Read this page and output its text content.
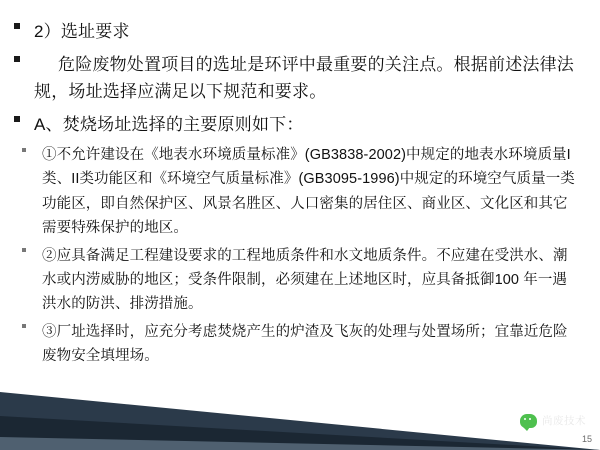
2）选址要求
危险废物处置项目的选址是环评中最重要的关注点。根据前述法律法规，场址选择应满足以下规范和要求。
A、焚烧场址选择的主要原则如下：
①不允许建设在《地表水环境质量标准》(GB3838-2002)中规定的地表水环境质量I类、II类功能区和《环境空气质量标准》(GB3095-1996)中规定的环境空气质量一类功能区，即自然保护区、风景名胜区、人口密集的居住区、商业区、文化区和其它需要特殊保护的地区。
②应具备满足工程建设要求的工程地质条件和水文地质条件。不应建在受洪水、潮水或内涝威胁的地区；受条件限制，必须建在上述地区时，应具备抵御100 年一遇洪水的防洪、排涝措施。
③厂址选择时，应充分考虑焚烧产生的炉渣及飞灰的处理与处置场所；宜靠近危险废物安全填埋场。
尚废技术
15
